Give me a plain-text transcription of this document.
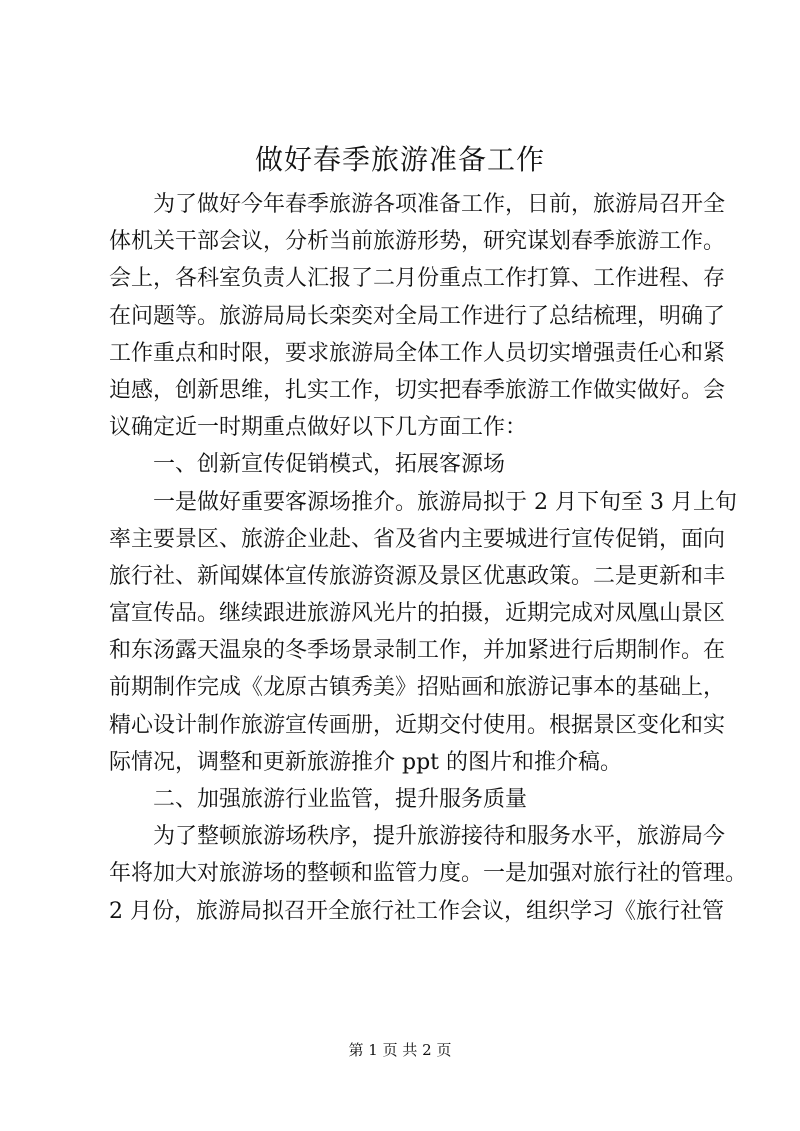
做好春季旅游准备工作
为了做好今年春季旅游各项准备工作，日前，旅游局召开全
体机关干部会议，分析当前旅游形势，研究谋划春季旅游工作。
会上，各科室负责人汇报了二月份重点工作打算、工作进程、存
在问题等。旅游局局长栾奕对全局工作进行了总结梳理，明确了
工作重点和时限，要求旅游局全体工作人员切实增强责任心和紧
迫感，创新思维，扎实工作，切实把春季旅游工作做实做好。会
议确定近一时期重点做好以下几方面工作：
一、创新宣传促销模式，拓展客源场
一是做好重要客源场推介。旅游局拟于 2 月下旬至 3 月上旬
率主要景区、旅游企业赴、省及省内主要城进行宣传促销，面向
旅行社、新闻媒体宣传旅游资源及景区优惠政策。二是更新和丰
富宣传品。继续跟进旅游风光片的拍摄，近期完成对凤凰山景区
和东汤露天温泉的冬季场景录制工作，并加紧进行后期制作。在
前期制作完成《龙原古镇秀美》招贴画和旅游记事本的基础上，
精心设计制作旅游宣传画册，近期交付使用。根据景区变化和实
际情况，调整和更新旅游推介 ppt 的图片和推介稿。
二、加强旅游行业监管，提升服务质量
为了整顿旅游场秩序，提升旅游接待和服务水平，旅游局今
年将加大对旅游场的整顿和监管力度。一是加强对旅行社的管理。
2 月份，旅游局拟召开全旅行社工作会议，组织学习《旅行社管
第 1 页 共 2 页
